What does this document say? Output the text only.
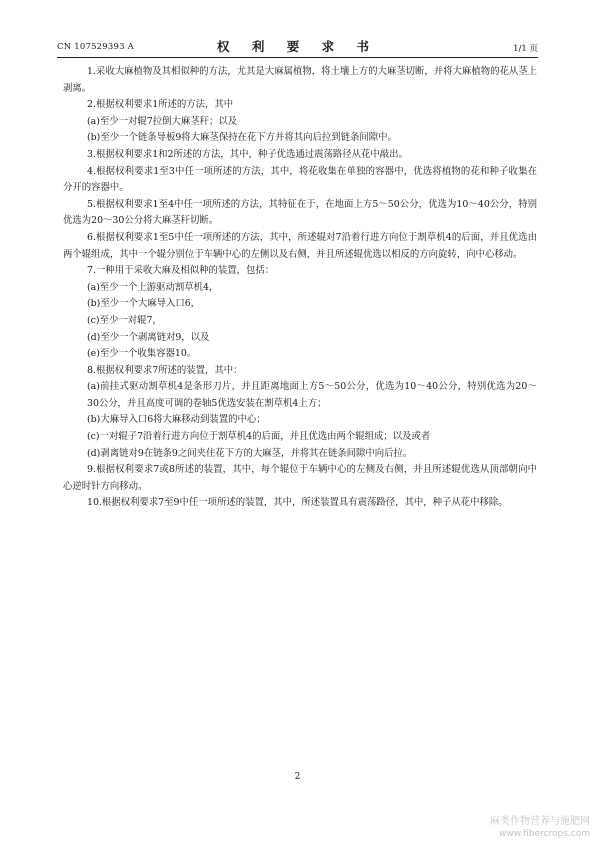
CN 107529393 A	权 利 要 求 书	1/1 页

1.采收大麻植物及其相似种的方法，尤其是大麻属植物，将土壤上方的大麻茎切断，并将大麻植物的花从茎上剥离。

2.根据权利要求1所述的方法，其中

(a)至少一对辊7拉倒大麻茎秆；以及

(b)至少一个链条导板9将大麻茎保持在花下方并将其向后拉到链条间隙中。

3.根据权利要求1和2所述的方法，其中，种子优选通过震荡路径从花中敲出。

4.根据权利要求1至3中任一项所述的方法，其中，将花收集在单独的容器中，优选将植物的花和种子收集在分开的容器中。

5.根据权利要求1至4中任一项所述的方法，其特征在于，在地面上方5～50公分，优选为10～40公分，特别优选为20～30公分将大麻茎秆切断。

6.根据权利要求1至5中任一项所述的方法，其中，所述辊对7沿着行进方向位于割草机4的后面，并且优选由两个辊组成，其中一个辊分别位于车辆中心的左侧以及右侧，并且所述辊优选以相反的方向旋转，向中心移动。

7.一种用于采收大麻及相似种的装置，包括：

(a)至少一个上游驱动割草机4，

(b)至少一个大麻导入口6，

(c)至少一对辊7，

(d)至少一个剥离链对9，以及

(e)至少一个收集容器10。

8.根据权利要求7所述的装置，其中：

(a)前挂式驱动割草机4是条形刀片，并且距离地面上方5～50公分，优选为10～40公分，特别优选为20～30公分，并且高度可调的卷轴5优选安装在割草机4上方；

(b)大麻导入口6将大麻移动到装置的中心；

(c)一对辊子7沿着行进方向位于割草机4的后面，并且优选由两个辊组成；以及或者

(d)剥离链对9在链条9之间夹住花下方的大麻茎，并将其在链条间隙中向后拉。

9.根据权利要求7或8所述的装置，其中，每个辊位于车辆中心的左侧及右侧，并且所述辊优选从顶部朝向中心逆时针方向移动。

10.根据权利要求7至9中任一项所述的装置，其中，所述装置具有震荡路径，其中，种子从花中移除。

2
麻类作物营养与施肥网
www.fibercrops.com
